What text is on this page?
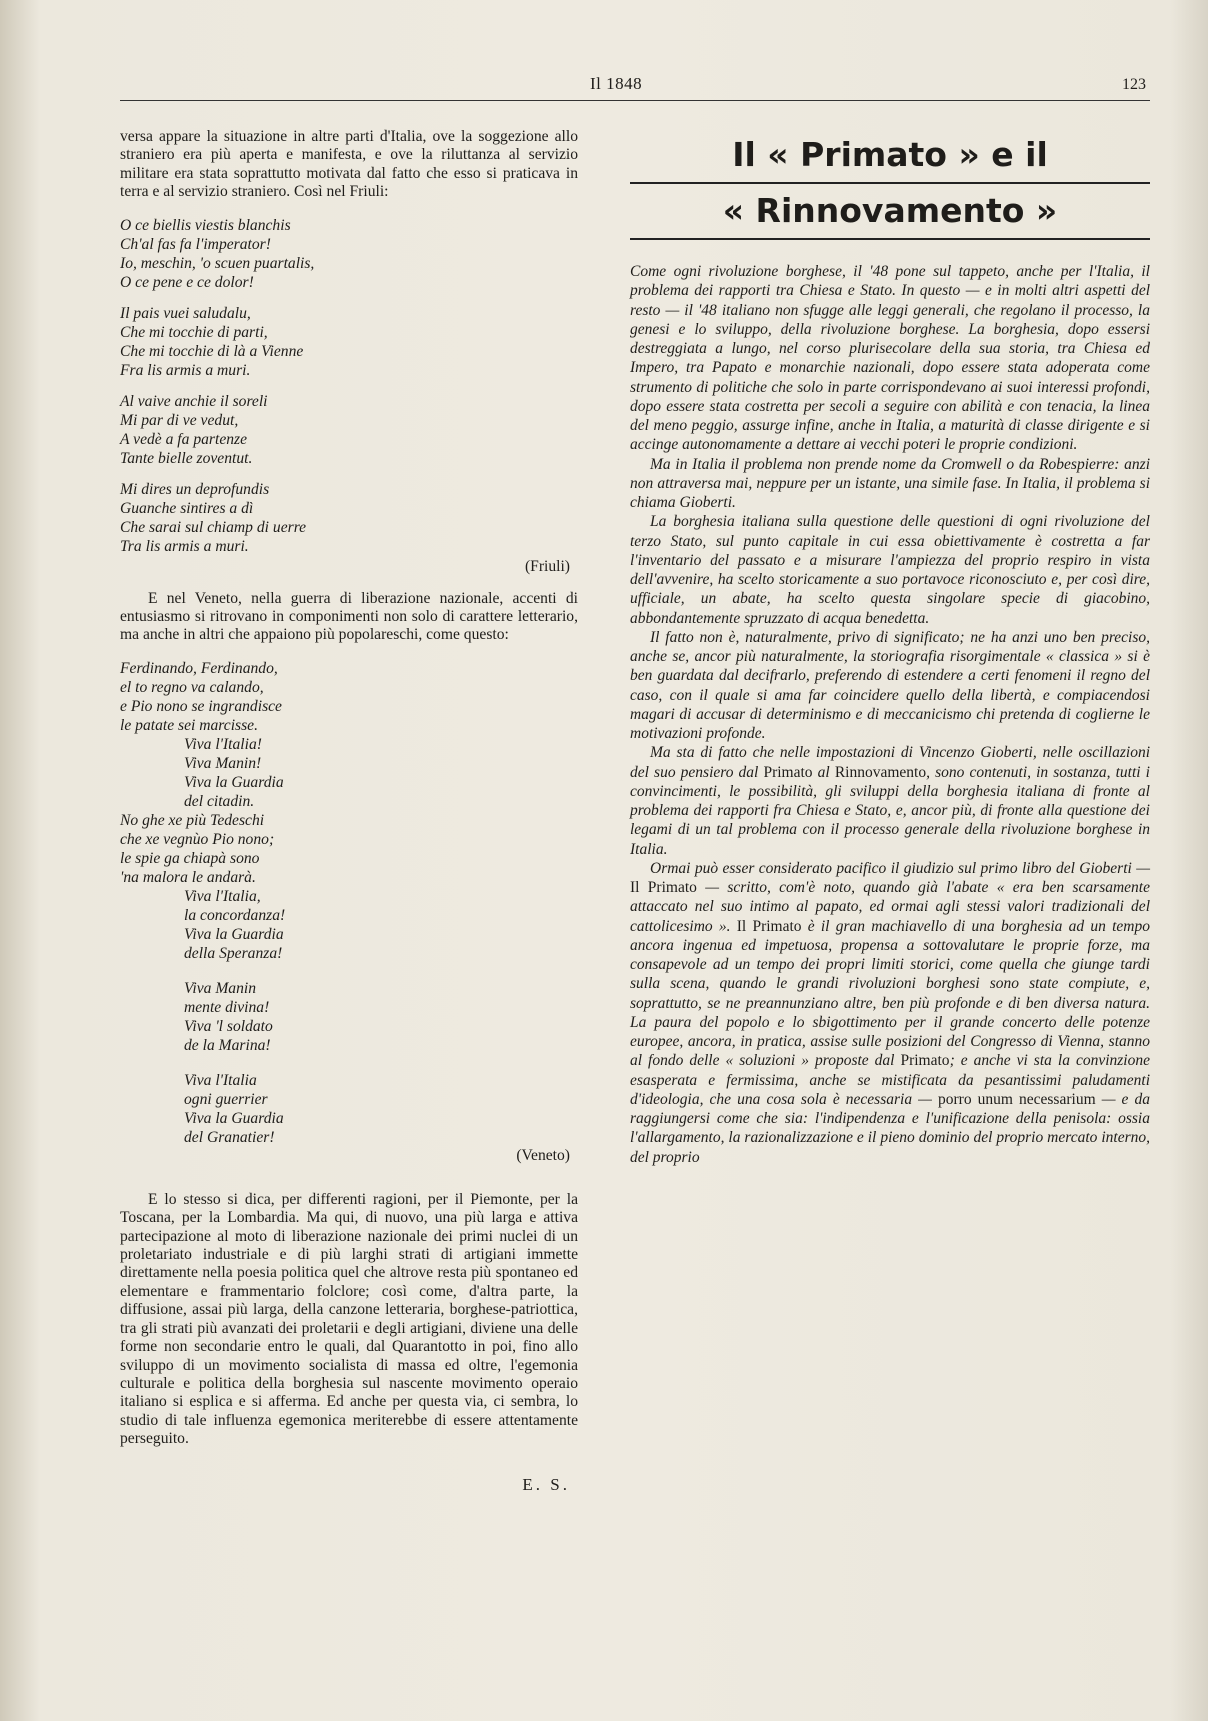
Il 1848	123

versa appare la situazione in altre parti d'Italia, ove la soggezione allo straniero era più aperta e manifesta, e ove la riluttanza al servizio militare era stata soprattutto motivata dal fatto che esso si praticava in terra e al servizio straniero. Così nel Friuli:

O ce biellis viestis blanchis
Ch'al fas fa l'imperator!
Io, meschin, 'o scuen puartalis,
O ce pene e ce dolor!
Il pais vuei saludalu,
Che mi tocchie di parti,
Che mi tocchie di là a Vienne
Fra lis armis a muri.
Al vaive anchie il soreli
Mi par di ve vedut,
A vedè a fa partenze
Tante bielle zoventut.
Mi dires un deprofundis
Guanche sintires a dì
Che sarai sul chiamp di uerre
Tra lis armis a muri.

(Friuli)

E nel Veneto, nella guerra di liberazione nazionale, accenti di entusiasmo si ritrovano in componimenti non solo di carattere letterario, ma anche in altri che appaiono più popolareschi, come questo:

Ferdinando, Ferdinando,
el to regno va calando,
e Pio nono se ingrandisce
le patate sei marcisse.
Viva l'Italia!
Viva Manin!
Viva la Guardia
del citadin.
No ghe xe più Tedeschi
che xe vegnùo Pio nono;
le spie ga chiapà sono
'na malora le andarà.
Viva l'Italia,
la concordanza!
Viva la Guardia
della Speranza!
Viva Manin
mente divina!
Viva 'l soldato
de la Marina!
Viva l'Italia
ogni guerrier
Viva la Guardia
del Granatier!

(Veneto)

E lo stesso si dica, per differenti ragioni, per il Piemonte, per la Toscana, per la Lombardia. Ma qui, di nuovo, una più larga e attiva partecipazione al moto di liberazione nazionale dei primi nuclei di un proletariato industriale e di più larghi strati di artigiani immette direttamente nella poesia politica quel che altrove resta più spontaneo ed elementare e frammentario folclore; così come, d'altra parte, la diffusione, assai più larga, della canzone letteraria, borghese-patriottica, tra gli strati più avanzati dei proletarii e degli artigiani, diviene una delle forme non secondarie entro le quali, dal Quarantotto in poi, fino allo sviluppo di un movimento socialista di massa ed oltre, l'egemonia culturale e politica della borghesia sul nascente movimento operaio italiano si esplica e si afferma. Ed anche per questa via, ci sembra, lo studio di tale influenza egemonica meriterebbe di essere attentamente perseguito.

E. S.

Il « Primato » e il
« Rinnovamento »

Come ogni rivoluzione borghese, il '48 pone sul tappeto, anche per l'Italia, il problema dei rapporti tra Chiesa e Stato. In questo — e in molti altri aspetti del resto — il '48 italiano non sfugge alle leggi generali, che regolano il processo, la genesi e lo sviluppo, della rivoluzione borghese. La borghesia, dopo essersi destreggiata a lungo, nel corso plurisecolare della sua storia, tra Chiesa ed Impero, tra Papato e monarchie nazionali, dopo essere stata adoperata come strumento di politiche che solo in parte corrispondevano ai suoi interessi profondi, dopo essere stata costretta per secoli a seguire con abilità e con tenacia, la linea del meno peggio, assurge infine, anche in Italia, a maturità di classe dirigente e si accinge autonomamente a dettare ai vecchi poteri le proprie condizioni.

Ma in Italia il problema non prende nome da Cromwell o da Robespierre: anzi non attraversa mai, neppure per un istante, una simile fase. In Italia, il problema si chiama Gioberti.

La borghesia italiana sulla questione delle questioni di ogni rivoluzione del terzo Stato, sul punto capitale in cui essa obiettivamente è costretta a far l'inventario del passato e a misurare l'ampiezza del proprio respiro in vista dell'avvenire, ha scelto storicamente a suo portavoce riconosciuto e, per così dire, ufficiale, un abate, ha scelto questa singolare specie di giacobino, abbondantemente spruzzato di acqua benedetta.

Il fatto non è, naturalmente, privo di significato; ne ha anzi uno ben preciso, anche se, ancor più naturalmente, la storiografia risorgimentale « classica » si è ben guardata dal decifrarlo, preferendo di estendere a certi fenomeni il regno del caso, con il quale si ama far coincidere quello della libertà, e compiacendosi magari di accusar di determinismo e di meccanicismo chi pretenda di coglierne le motivazioni profonde.

Ma sta di fatto che nelle impostazioni di Vincenzo Gioberti, nelle oscillazioni del suo pensiero dal Primato al Rinnovamento, sono contenuti, in sostanza, tutti i convincimenti, le possibilità, gli sviluppi della borghesia italiana di fronte al problema dei rapporti fra Chiesa e Stato, e, ancor più, di fronte alla questione dei legami di un tal problema con il processo generale della rivoluzione borghese in Italia.

Ormai può esser considerato pacifico il giudizio sul primo libro del Gioberti — Il Primato — scritto, com'è noto, quando già l'abate « era ben scarsamente attaccato nel suo intimo al papato, ed ormai agli stessi valori tradizionali del cattolicesimo ». Il Primato è il gran machiavello di una borghesia ad un tempo ancora ingenua ed impetuosa, propensa a sottovalutare le proprie forze, ma consapevole ad un tempo dei propri limiti storici, come quella che giunge tardi sulla scena, quando le grandi rivoluzioni borghesi sono state compiute, e, soprattutto, se ne preannunziano altre, ben più profonde e di ben diversa natura. La paura del popolo e lo sbigottimento per il grande concerto delle potenze europee, ancora, in pratica, assise sulle posizioni del Congresso di Vienna, stanno al fondo delle « soluzioni » proposte dal Primato; e anche vi sta la convinzione esasperata e fermissima, anche se mistificata da pesantissimi paludamenti d'ideologia, che una cosa sola è necessaria — porro unum necessarium — e da raggiungersi come che sia: l'indipendenza e l'unificazione della penisola: ossia l'allargamento, la razionalizzazione e il pieno dominio del proprio mercato interno, del proprio
